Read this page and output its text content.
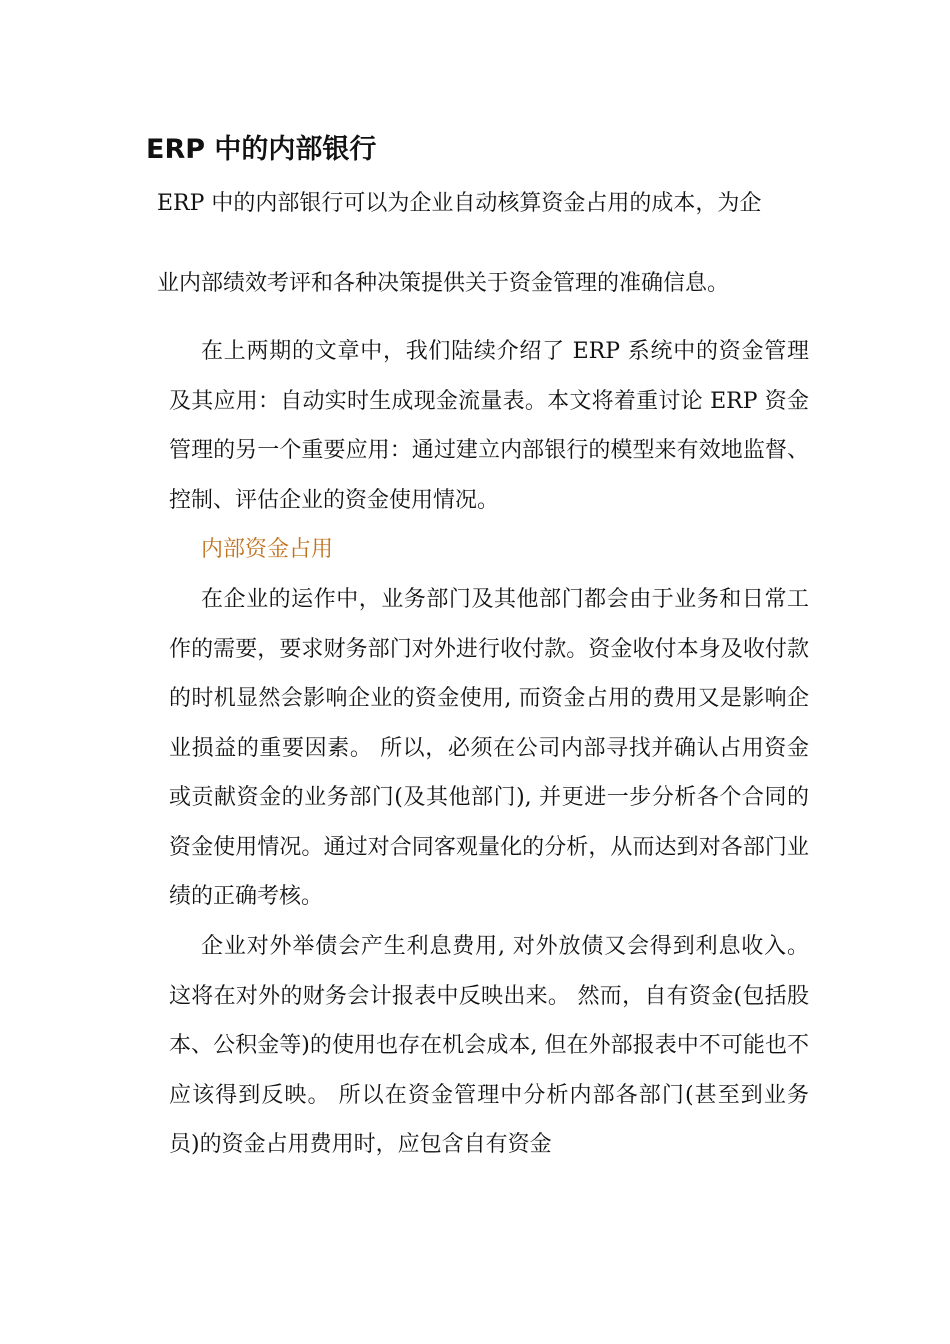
ERP 中的内部银行

ERP 中的内部银行可以为企业自动核算资金占用的成本，为企

业内部绩效考评和各种决策提供关于资金管理的准确信息。

在上两期的文章中，我们陆续介绍了 ERP 系统中的资金管理及其应用：自动实时生成现金流量表。本文将着重讨论 ERP 资金管理的另一个重要应用：通过建立内部银行的模型来有效地监督、控制、评估企业的资金使用情况。

内部资金占用

在企业的运作中，业务部门及其他部门都会由于业务和日常工作的需要，要求财务部门对外进行收付款。资金收付本身及收付款的时机显然会影响企业的资金使用, 而资金占用的费用又是影响企业损益的重要因素。 所以，必须在公司内部寻找并确认占用资金或贡献资金的业务部门(及其他部门), 并更进一步分析各个合同的资金使用情况。通过对合同客观量化的分析，从而达到对各部门业绩的正确考核。

企业对外举债会产生利息费用, 对外放债又会得到利息收入。 这将在对外的财务会计报表中反映出来。 然而，自有资金(包括股本、公积金等)的使用也存在机会成本, 但在外部报表中不可能也不应该得到反映。 所以在资金管理中分析内部各部门(甚至到业务员)的资金占用费用时，应包含自有资金
